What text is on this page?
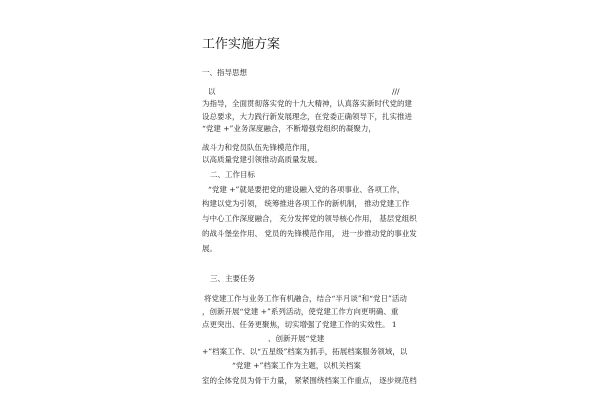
工作实施方案
一、指导思想
以	///
为指导，全面贯彻落实党的十九大精神，认真落实新时代党的建
设总要求，大力践行新发展理念，在党委正确领导下，扎实推进
“党建 +”业务深度融合，不断增强党组织的凝聚力，
战斗力和党员队伍先锋模范作用，
以高质量党建引领推动高质量发展。
二、工作目标
“党建 +”就是要把党的建设融入党的各项事业、各项工作，
构建以党为引领， 统筹推进各项工作的新机制， 推动党建工作
与中心工作深度融合， 充分发挥党的领导核心作用， 基层党组织
的战斗堡垒作用、 党员的先锋模范作用， 进一步推动党的事业发
展。
三、主要任务
将党建工作与业务工作有机融合，结合“半月谈”和“党日”活动
，创新开展“党建 +”系列活动，使党建工作方向更明确、重
点更突出、任务更聚焦，切实增强了党建工作的实效性。 1
、创新开展“党建
+”档案工作、以“五星级”档案为抓手，拓展档案服务领域，以
“党建 +”档案工作为主题，以机关档案
室的全体党员为骨干力量， 紧紧围绕档案工作重点， 逐步规范档
